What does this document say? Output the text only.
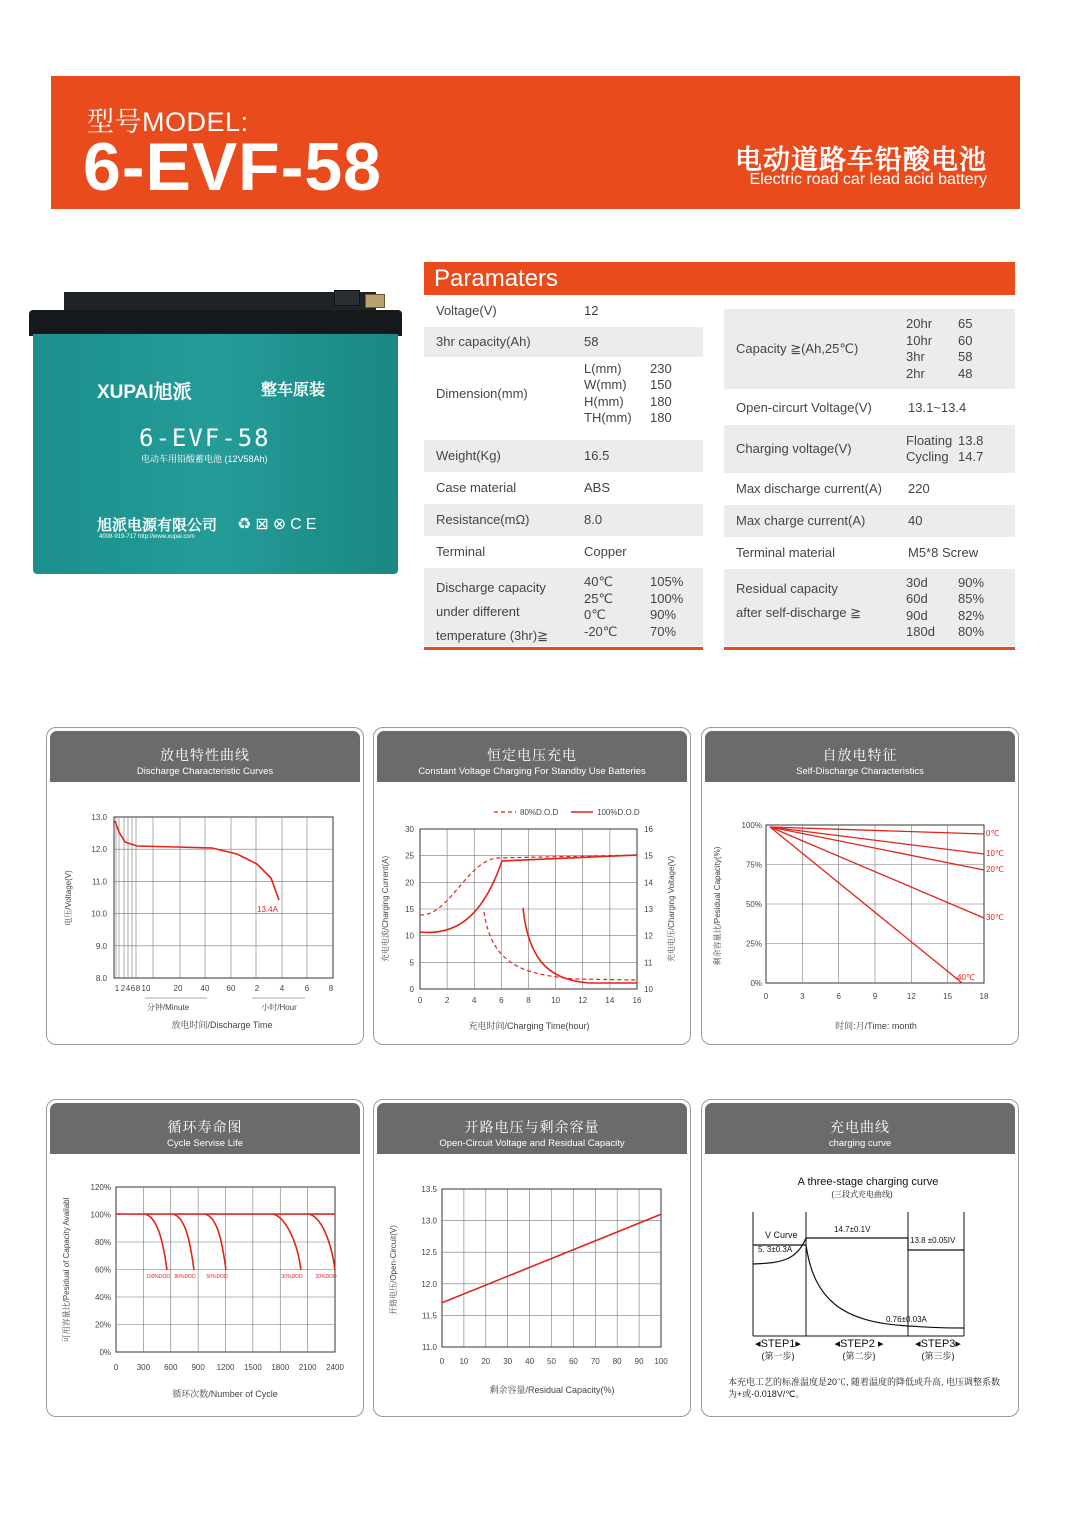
型号MODEL:
6-EVF-58	电动道路车铅酸电池
Electric road car lead acid battery
XUPAI旭派	整车原装
6-EVF-58
电动车用铅酸蓄电池 (12V58Ah)
旭派电源有限公司
4008-919-717 http://www.xupai.com
♻⊠⊗CE
Paramaters
Voltage(V)	12
3hr capacity(Ah)	58
Dimension(mm)
L(mm) 230
W(mm) 150
H(mm) 180
TH(mm) 180
Weight(Kg)	16.5
Case material	ABS
Resistance(mΩ)	8.0
Terminal	Copper
Discharge capacity
under different
temperature (3hr)≧
40℃	105%
25℃	100%
0℃	90%
-20℃	70%
Capacity ≧(Ah,25℃)
20hr 65
10hr 60
3hr	58
2hr	48
Open-circurt Voltage(V)	13.1~13.4
Charging voltage(V)
Floating 13.8
Cycling 14.7
Max discharge current(A) 220
Max charge current(A)	40
Terminal material	M5*8 Screw
Residual capacity
after self-discharge ≧
30d 90%
60d 85%
90d 82%
180d 80%
放电特性曲线
Discharge Characteristic Curves
13.0
12.0
11.0
10.0
9.0
8.0
1 2 4 6 8 10	20 40 60 2	4	6 8
分钟/Minute	小时/Hour
放电时间/Discharge Time
电压/Voltage(V)	13.4A
恒定电压充电
Constant Voltage Charging For Standby Use Batteries
0
5
10
15
20
25
30
10
11
12
13
14
15
16
0	2	4	6	8	10 12 14 16
充电时间/Charging Time(hour)
充电电流/Charging Current(A)	充电电压/Charging Voltage(V)
80%D.O.D	100%D.O.D
自放电特征
Self-Discharge Characteristics
100%
75%
50%
25%
0%
0	3	6	9	12	15	18
时间:月/Time: month
剩余容量比/Pesidual Capacity(%)
0℃
10℃
20℃
30℃
40℃
循环寿命图
Cycle Servise Life
120%
100%
80%
60%
40%
20%
0%
0 300 600 900 1200 1500 1800 2100 2400
循环次数/Number of Cycle
可用容量比/Pesidual of Capacity Availabl	100%DOD 80%DOD 50%DOD	30%DOD	20%DOD
开路电压与剩余容量
Open-Circuit Voltage and Residual Capacity
13.5
13.0
12.5
12.0
11.5
11.0
0 10 20 30 40 50 60 70 80 90 100
剩余容量/Residual Capacity(%)
开路电压/Open-Circuit(V)
充电曲线
charging curve
A three-stage charging curve
(三段式充电曲线)
V Curve
5. 3±0.3A
14.7±0.1V
13.8 ±0.05IV
0.76±0.03A
◂STEP1▸	◂STEP2 ▸	◂STEP3▸
(第一步)	(第二步)	(第三步)
本充电工艺的标准温度是20℃, 随着温度的降低或升高, 电压调整系数为+或-0.018V/℃。
